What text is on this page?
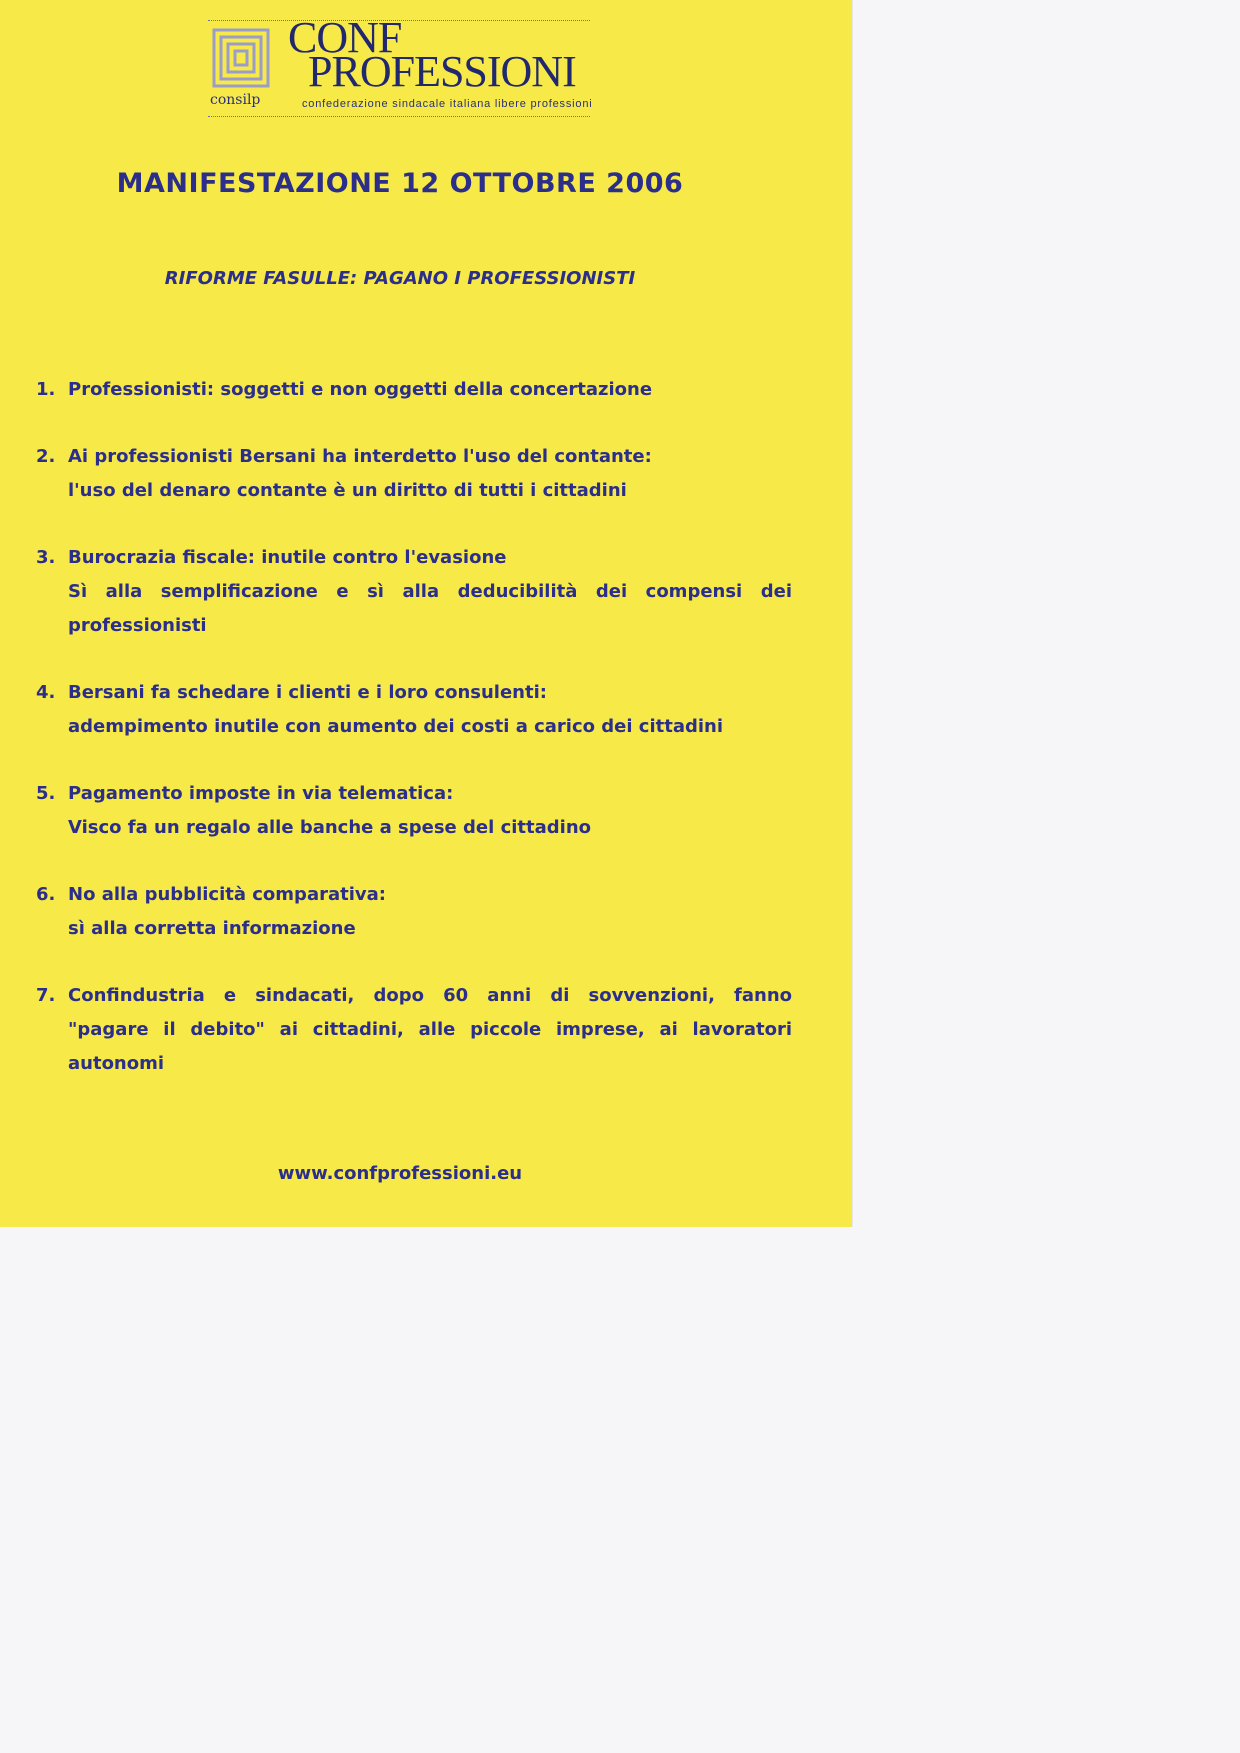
consilp
CONF
PROFESSIONI
confederazione sindacale italiana libere professioni
MANIFESTAZIONE 12 OTTOBRE 2006
RIFORME FASULLE: PAGANO I PROFESSIONISTI
1. Professionisti: soggetti e non oggetti della concertazione
2. Ai professionisti Bersani ha interdetto l'uso del contante:
l'uso del denaro contante è un diritto di tutti i cittadini
3. Burocrazia fiscale: inutile contro l'evasione
Sì alla semplificazione e sì alla deducibilità dei compensi dei
professionisti
4. Bersani fa schedare i clienti e i loro consulenti:
adempimento inutile con aumento dei costi a carico dei cittadini
5. Pagamento imposte in via telematica:
Visco fa un regalo alle banche a spese del cittadino
6. No alla pubblicità comparativa:
sì alla corretta informazione
7. Confindustria e sindacati, dopo 60 anni di sovvenzioni, fanno
"pagare il debito" ai cittadini, alle piccole imprese, ai lavoratori
autonomi
www.confprofessioni.eu
